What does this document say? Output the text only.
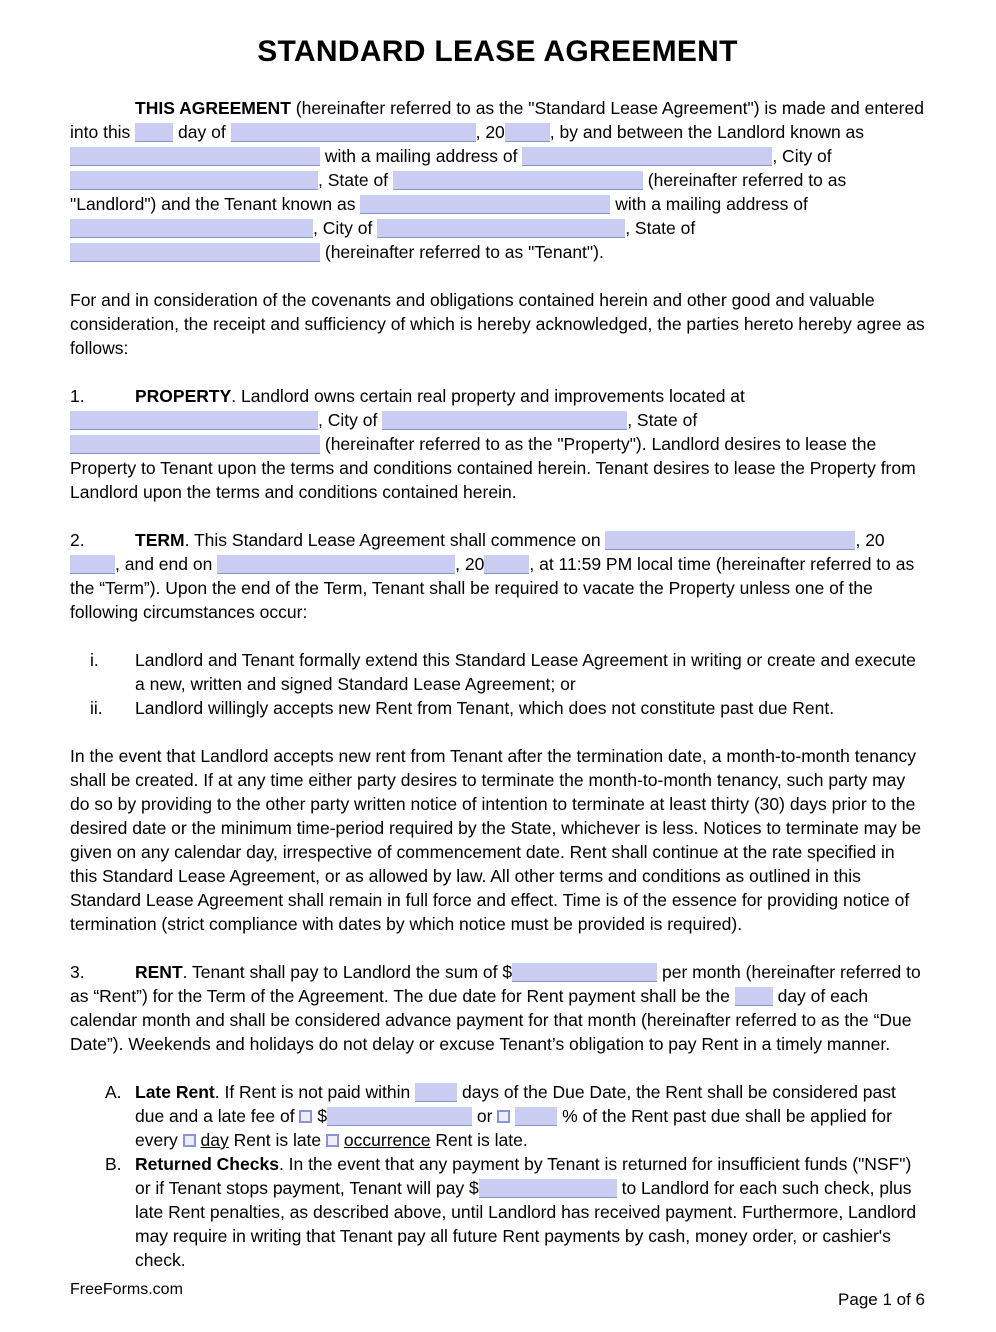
STANDARD LEASE AGREEMENT
THIS AGREEMENT (hereinafter referred to as the "Standard Lease Agreement") is made and entered into this  day of	, 20	, by and between the Landlord known as  with a mailing address of	, City of , State of	(hereinafter referred to as "Landlord") and the Tenant known as	with a mailing address of , City of	, State of  (hereinafter referred to as "Tenant").
For and in consideration of the covenants and obligations contained herein and other good and valuable consideration, the receipt and sufficiency of which is hereby acknowledged, the parties hereto hereby agree as follows:
1.	PROPERTY. Landlord owns certain real property and improvements located at , City of	, State of  (hereinafter referred to as the "Property"). Landlord desires to lease the Property to Tenant upon the terms and conditions contained herein. Tenant desires to lease the Property from Landlord upon the terms and conditions contained herein.
2.	TERM. This Standard Lease Agreement shall commence on	, 20, and end on	, 20	, at 11:59 PM local time (hereinafter referred to as the “Term”). Upon the end of the Term, Tenant shall be required to vacate the Property unless one of the following circumstances occur:
i. Landlord and Tenant formally extend this Standard Lease Agreement in writing or create and execute a new, written and signed Standard Lease Agreement; or
ii. Landlord willingly accepts new Rent from Tenant, which does not constitute past due Rent.
In the event that Landlord accepts new rent from Tenant after the termination date, a month-to-month tenancy shall be created. If at any time either party desires to terminate the month-to-month tenancy, such party may do so by providing to the other party written notice of intention to terminate at least thirty (30) days prior to the desired date or the minimum time-period required by the State, whichever is less. Notices to terminate may be given on any calendar day, irrespective of commencement date. Rent shall continue at the rate specified in this Standard Lease Agreement, or as allowed by law. All other terms and conditions as outlined in this Standard Lease Agreement shall remain in full force and effect. Time is of the essence for providing notice of termination (strict compliance with dates by which notice must be provided is required).
3.	RENT. Tenant shall pay to Landlord the sum of $	per month (hereinafter referred to as “Rent”) for the Term of the Agreement. The due date for Rent payment shall be the  day of each calendar month and shall be considered advance payment for that month (hereinafter referred to as the “Due Date”). Weekends and holidays do not delay or excuse Tenant’s obligation to pay Rent in a timely manner.
A. Late Rent. If Rent is not paid within  days of the Due Date, the Rent shall be considered past due and a late fee of  $	or	% of the Rent past due shall be applied for every  day Rent is late  occurrence Rent is late.
B. Returned Checks. In the event that any payment by Tenant is returned for insufficient funds ("NSF") or if Tenant stops payment, Tenant will pay $	to Landlord for each such check, plus late Rent penalties, as described above, until Landlord has received payment. Furthermore, Landlord may require in writing that Tenant pay all future Rent payments by cash, money order, or cashier's check.
FreeForms.com
Page 1 of 6
